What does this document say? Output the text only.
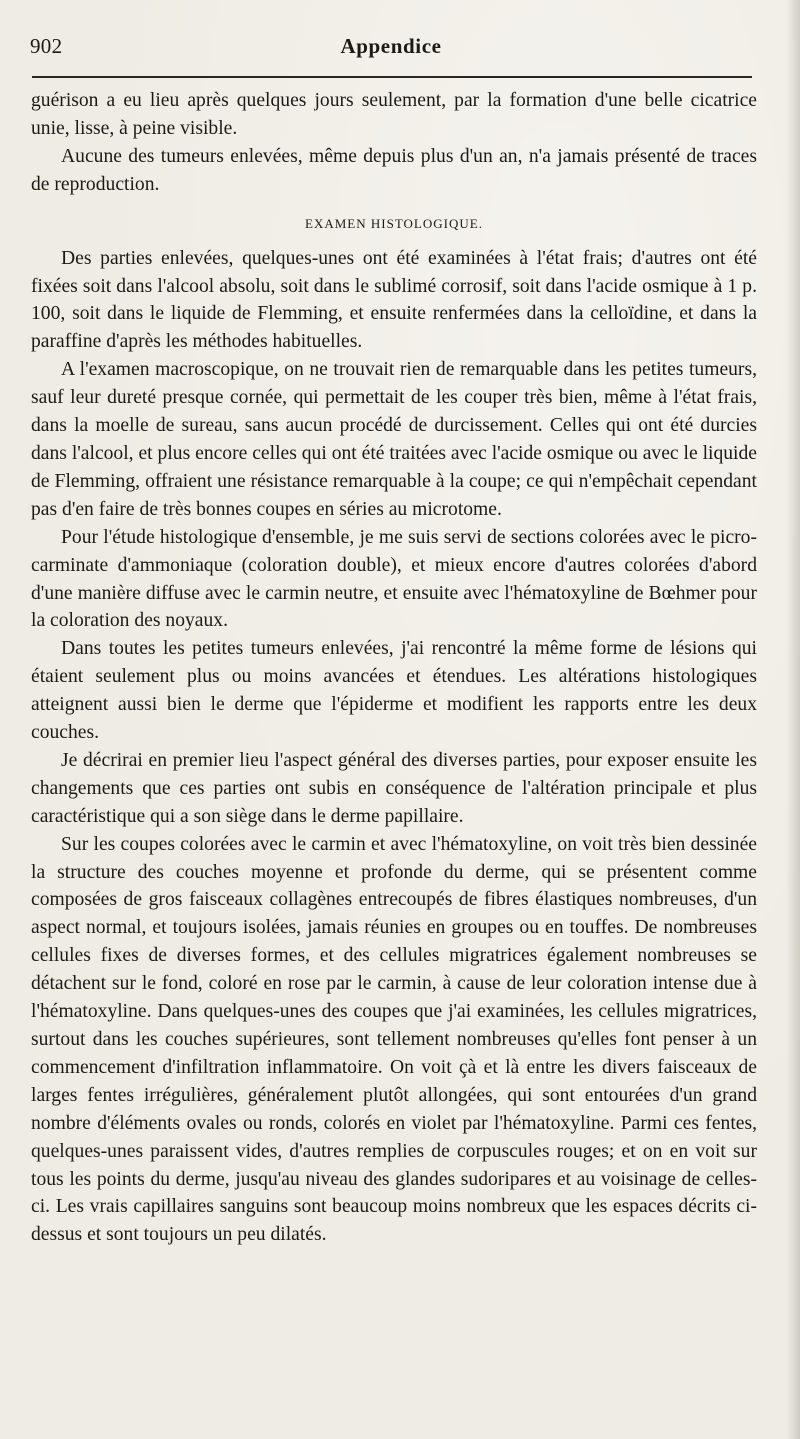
902	Appendice

guérison a eu lieu après quelques jours seulement, par la formation d'une belle cicatrice unie, lisse, à peine visible.

Aucune des tumeurs enlevées, même depuis plus d'un an, n'a jamais présenté de traces de reproduction.

EXAMEN HISTOLOGIQUE.

Des parties enlevées, quelques-unes ont été examinées à l'état frais; d'autres ont été fixées soit dans l'alcool absolu, soit dans le sublimé corrosif, soit dans l'acide osmique à 1 p. 100, soit dans le liquide de Flemming, et ensuite renfermées dans la celloïdine, et dans la paraffine d'après les méthodes habituelles.

A l'examen macroscopique, on ne trouvait rien de remarquable dans les petites tumeurs, sauf leur dureté presque cornée, qui permettait de les couper très bien, même à l'état frais, dans la moelle de sureau, sans aucun procédé de durcissement. Celles qui ont été durcies dans l'alcool, et plus encore celles qui ont été traitées avec l'acide osmique ou avec le liquide de Flemming, offraient une résistance remarquable à la coupe; ce qui n'empêchait cependant pas d'en faire de très bonnes coupes en séries au microtome.

Pour l'étude histologique d'ensemble, je me suis servi de sections colorées avec le picro-carminate d'ammoniaque (coloration double), et mieux encore d'autres colorées d'abord d'une manière diffuse avec le carmin neutre, et ensuite avec l'hématoxyline de Bœhmer pour la coloration des noyaux.

Dans toutes les petites tumeurs enlevées, j'ai rencontré la même forme de lésions qui étaient seulement plus ou moins avancées et étendues. Les altérations histologiques atteignent aussi bien le derme que l'épiderme et modifient les rapports entre les deux couches.

Je décrirai en premier lieu l'aspect général des diverses parties, pour exposer ensuite les changements que ces parties ont subis en conséquence de l'altération principale et plus caractéristique qui a son siège dans le derme papillaire.

Sur les coupes colorées avec le carmin et avec l'hématoxyline, on voit très bien dessinée la structure des couches moyenne et profonde du derme, qui se présentent comme composées de gros faisceaux collagènes entrecoupés de fibres élastiques nombreuses, d'un aspect normal, et toujours isolées, jamais réunies en groupes ou en touffes. De nombreuses cellules fixes de diverses formes, et des cellules migratrices également nombreuses se détachent sur le fond, coloré en rose par le carmin, à cause de leur coloration intense due à l'hématoxyline. Dans quelques-unes des coupes que j'ai examinées, les cellules migratrices, surtout dans les couches supérieures, sont tellement nombreuses qu'elles font penser à un commencement d'infiltration inflammatoire. On voit çà et là entre les divers faisceaux de larges fentes irrégulières, généralement plutôt allongées, qui sont entourées d'un grand nombre d'éléments ovales ou ronds, colorés en violet par l'hématoxyline. Parmi ces fentes, quelques-unes paraissent vides, d'autres remplies de corpuscules rouges; et on en voit sur tous les points du derme, jusqu'au niveau des glandes sudoripares et au voisinage de celles-ci. Les vrais capillaires sanguins sont beaucoup moins nombreux que les espaces décrits ci-dessus et sont toujours un peu dilatés.
